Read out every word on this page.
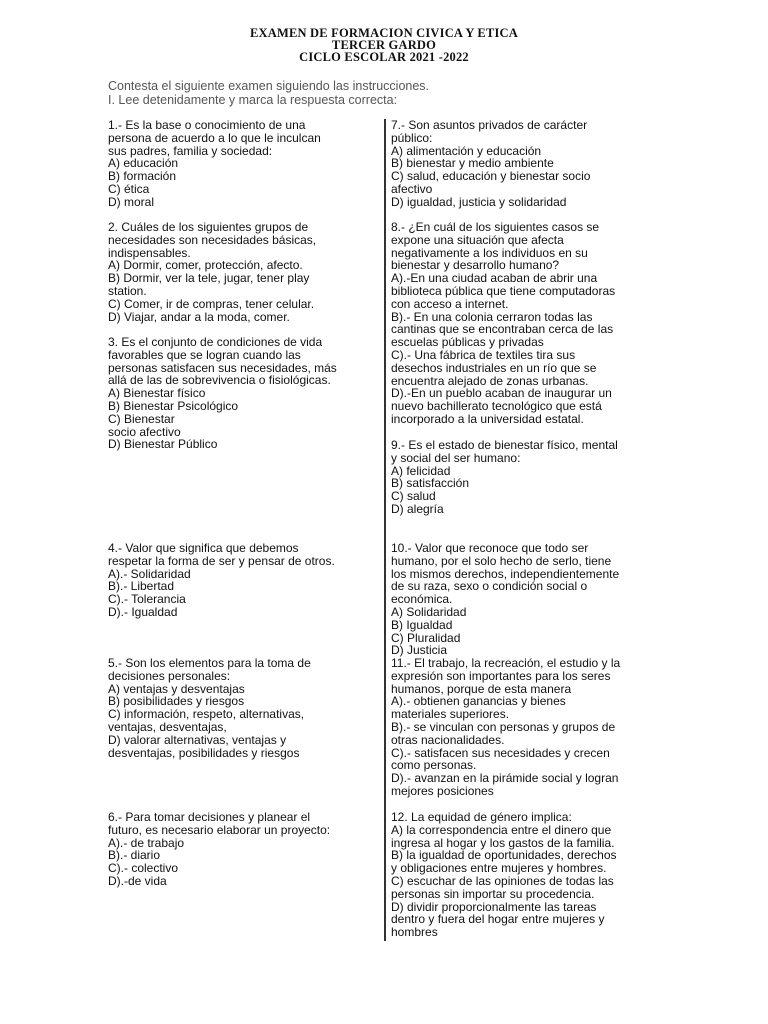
EXAMEN DE FORMACION CIVICA Y ETICA
TERCER GARDO
CICLO ESCOLAR 2021 -2022
Contesta el siguiente examen siguiendo las instrucciones.
I. Lee detenidamente y marca la respuesta correcta:
1.- Es la base o conocimiento de una
persona de acuerdo a lo que le inculcan
sus padres, familia y sociedad:
A) educación
B) formación
C) ética
D) moral
2. Cuáles de los siguientes grupos de
necesidades son necesidades básicas,
indispensables.
A) Dormir, comer, protección, afecto.
B) Dormir, ver la tele, jugar, tener play
station.
C) Comer, ir de compras, tener celular.
D) Viajar, andar a la moda, comer.
3. Es el conjunto de condiciones de vida
favorables que se logran cuando las
personas satisfacen sus necesidades, más
allá de las de sobrevivencia o fisiológicas.
A) Bienestar físico
B) Bienestar Psicológico
C) Bienestar
socio afectivo
D) Bienestar Público
4.- Valor que significa que debemos
respetar la forma de ser y pensar de otros.
A).- Solidaridad
B).- Libertad
C).- Tolerancia
D).- Igualdad
5.- Son los elementos para la toma de
decisiones personales:
A) ventajas y desventajas
B) posibilidades y riesgos
C) información, respeto, alternativas,
ventajas, desventajas,
D) valorar alternativas, ventajas y
desventajas, posibilidades y riesgos
6.- Para tomar decisiones y planear el
futuro, es necesario elaborar un proyecto:
A).- de trabajo
B).- diario
C).- colectivo
D).-de vida
7.- Son asuntos privados de carácter
público:
A) alimentación y educación
B) bienestar y medio ambiente
C) salud, educación y bienestar socio
afectivo
D) igualdad, justicia y solidaridad
8.- ¿En cuál de los siguientes casos se
expone una situación que afecta
negativamente a los individuos en su
bienestar y desarrollo humano?
A).-En una ciudad acaban de abrir una
biblioteca pública que tiene computadoras
con acceso a internet.
B).- En una colonia cerraron todas las
cantinas que se encontraban cerca de las
escuelas públicas y privadas
C).- Una fábrica de textiles tira sus
desechos industriales en un río que se
encuentra alejado de zonas urbanas.
D).-En un pueblo acaban de inaugurar un
nuevo bachillerato tecnológico que está
incorporado a la universidad estatal.
9.- Es el estado de bienestar físico, mental
y social del ser humano:
A) felicidad
B) satisfacción
C) salud
D) alegría
10.- Valor que reconoce que todo ser
humano, por el solo hecho de serlo, tiene
los mismos derechos, independientemente
de su raza, sexo o condición social o
económica.
A) Solidaridad
B) Igualdad
C) Pluralidad
D) Justicia
11.- El trabajo, la recreación, el estudio y la
expresión son importantes para los seres
humanos, porque de esta manera
A).- obtienen ganancias y bienes
materiales superiores.
B).- se vinculan con personas y grupos de
otras nacionalidades.
C).- satisfacen sus necesidades y crecen
como personas.
D).- avanzan en la pirámide social y logran
mejores posiciones
12. La equidad de género implica:
A) la correspondencia entre el dinero que
ingresa al hogar y los gastos de la familia.
B) la igualdad de oportunidades, derechos
y obligaciones entre mujeres y hombres.
C) escuchar de las opiniones de todas las
personas sin importar su procedencia.
D) dividir proporcionalmente las tareas
dentro y fuera del hogar entre mujeres y
hombres
